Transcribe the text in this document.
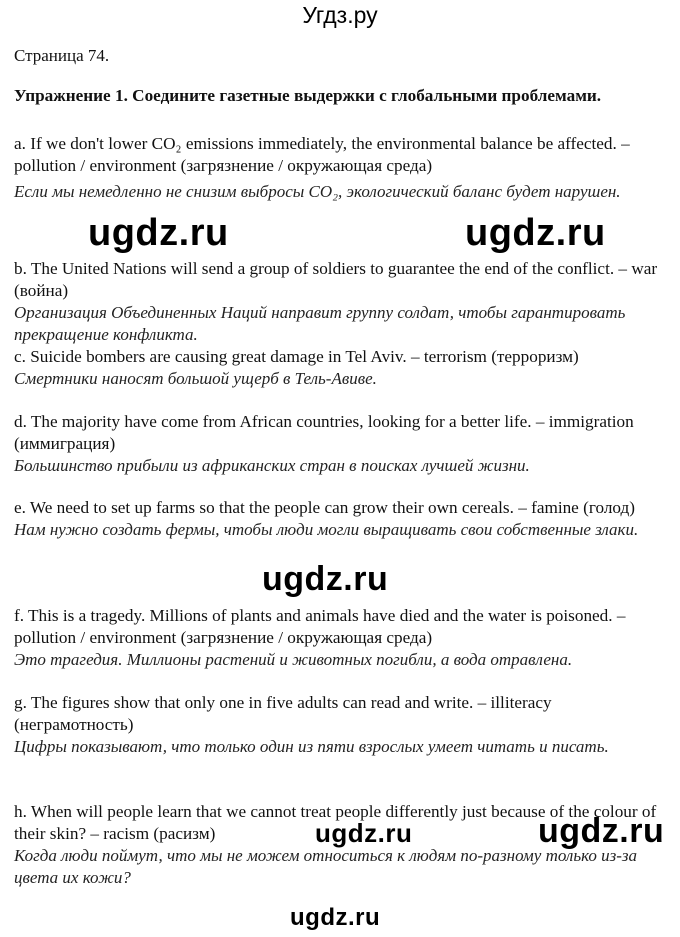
Угдз.ру
Страница 74.
Упражнение 1. Соедините газетные выдержки с глобальными проблемами.

a. If we don't lower CO₂ emissions immediately, the environmental balance be affected. – pollution / environment (загрязнение / окружающая среда)

Если мы немедленно не снизим выбросы CO₂, экологический баланс будет нарушен.

b. The United Nations will send a group of soldiers to guarantee the end of the conflict. – war (война)

Организация Объединенных Наций направит группу солдат, чтобы гарантировать прекращение конфликта.

c. Suicide bombers are causing great damage in Tel Aviv. – terrorism (терроризм)

Смертники наносят большой ущерб в Тель-Авиве.

d. The majority have come from African countries, looking for a better life. – immigration (иммиграция)

Большинство прибыли из африканских стран в поисках лучшей жизни.

e. We need to set up farms so that the people can grow their own cereals. – famine (голод)

Нам нужно создать фермы, чтобы люди могли выращивать свои собственные злаки.

f. This is a tragedy. Millions of plants and animals have died and the water is poisoned. – pollution / environment (загрязнение / окружающая среда)

Это трагедия. Миллионы растений и животных погибли, а вода отравлена.

g. The figures show that only one in five adults can read and write. – illiteracy (неграмотность)

Цифры показывают, что только один из пяти взрослых умеет читать и писать.

h. When will people learn that we cannot treat people differently just because of the colour of their skin? – racism (расизм)

Когда люди поймут, что мы не можем относиться к людям по-разному только из-за цвета их кожи?

ugdz.ru	ugdz.ru
ugdz.ru
ugdz.ru	ugdz.ru
ugdz.ru
